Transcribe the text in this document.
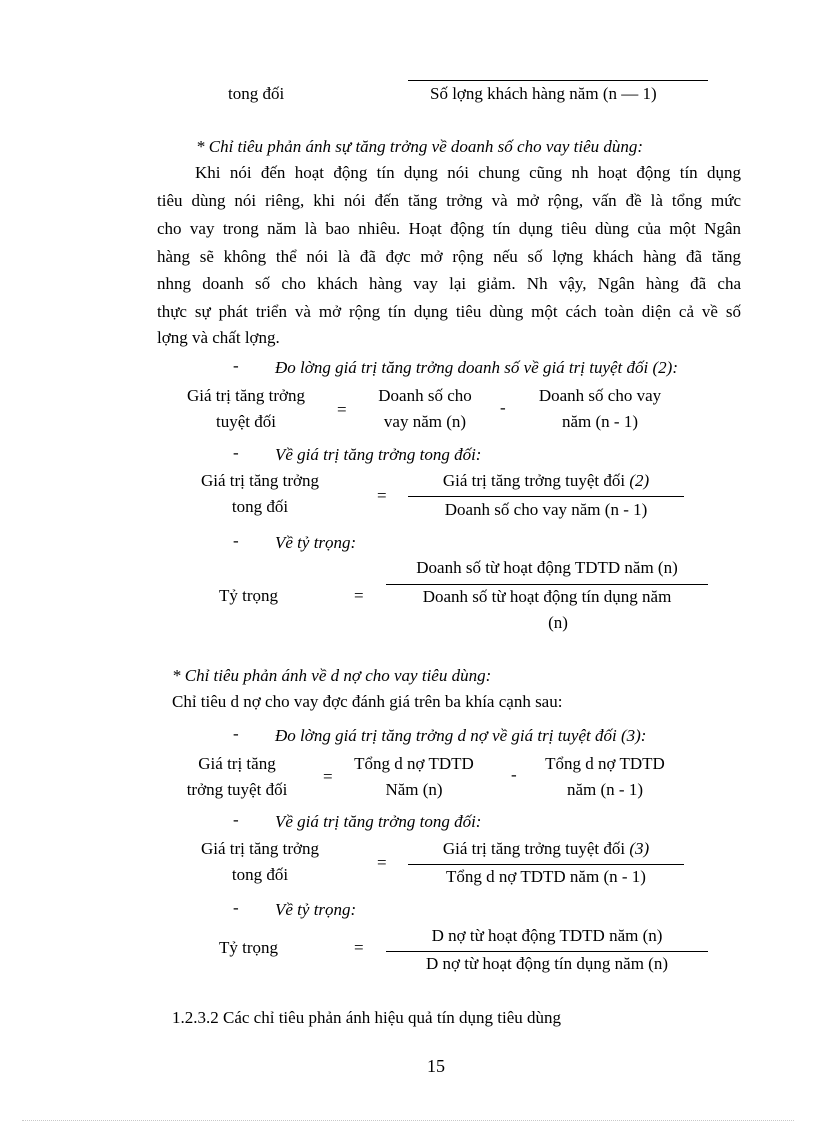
tong đối	Số lợng khách hàng năm (n — 1)
* Chỉ tiêu phản ánh sự tăng trởng về doanh số cho vay tiêu dùng:
Khi nói đến hoạt động tín dụng nói chung cũng nh hoạt động tín dụng
tiêu dùng nói riêng, khi nói đến tăng trởng và mở rộng, vấn đề là tổng mức
cho vay trong năm là bao nhiêu. Hoạt động tín dụng tiêu dùng của một Ngân
hàng sẽ không thể nói là đã đợc mở rộng nếu số lợng khách hàng đã tăng
nhng doanh số cho khách hàng vay lại giảm. Nh vậy, Ngân hàng đã cha
thực sự phát triển và mở rộng tín dụng tiêu dùng một cách toàn diện cả về số
lợng và chất lợng.
- Đo lờng giá trị tăng trởng doanh số về giá trị tuyệt đối (2):
Giá trị tăng trởng
tuyệt đối
=
Doanh số cho
vay năm (n)
-
Doanh số cho vay
năm (n - 1)
- Về giá trị tăng trởng tong đối:
Giá trị tăng trởng
tong đối
=
Giá trị tăng trởng tuyệt đối (2)
Doanh số cho vay năm (n - 1)
- Về tỷ trọng:
Tỷ trọng	=
Doanh số từ hoạt động TDTD năm (n)
Doanh số từ hoạt động tín dụng năm
(n)
* Chỉ tiêu phản ánh về d nợ cho vay tiêu dùng:
Chỉ tiêu d nợ cho vay đợc đánh giá trên ba khía cạnh sau:
- Đo lờng giá trị tăng trởng d nợ về giá trị tuyệt đối (3):
Giá trị tăng
trởng tuyệt đối
=
Tổng d nợ TDTD
Năm (n)
-
Tổng d nợ TDTD
năm (n - 1)
- Về giá trị tăng trởng tong đối:
Giá trị tăng trởng
tong đối
=
Giá trị tăng trởng tuyệt đối (3)
Tổng d nợ TDTD năm (n - 1)
- Về tỷ trọng:
Tỷ trọng	=
D nợ từ hoạt động TDTD năm (n)
D nợ từ hoạt động tín dụng năm (n)
1.2.3.2 Các chỉ tiêu phản ánh hiệu quả tín dụng tiêu dùng
15
